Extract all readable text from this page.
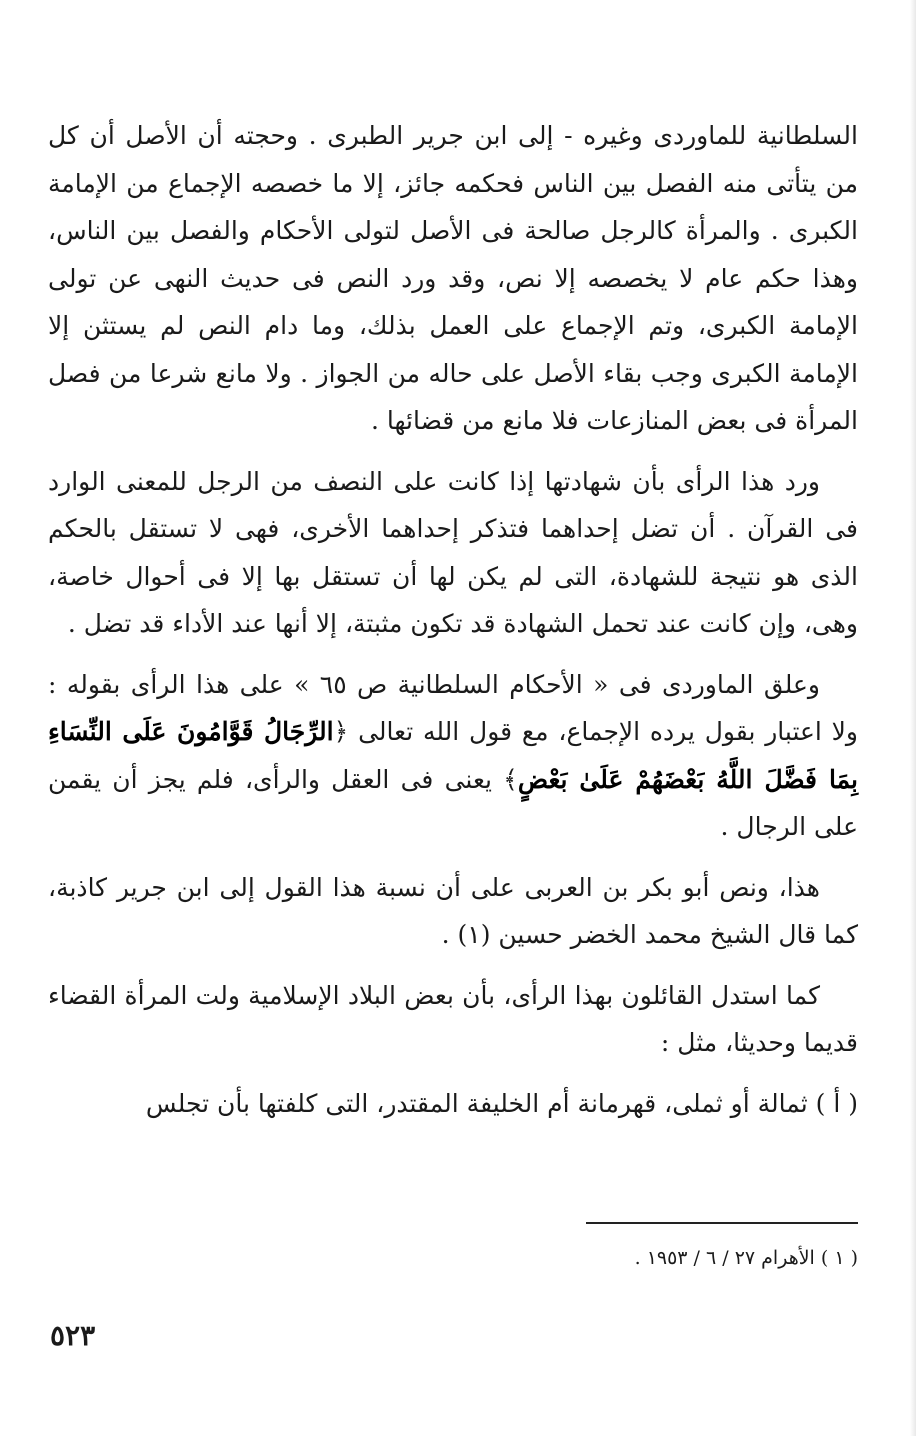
السلطانية للماوردى وغيره - إلى ابن جرير الطبرى . وحجته أن الأصل أن كل من يتأتى منه الفصل بين الناس فحكمه جائز، إلا ما خصصه الإجماع من الإمامة الكبرى . والمرأة كالرجل صالحة فى الأصل لتولى الأحكام والفصل بين الناس، وهذا حكم عام لا يخصصه إلا نص، وقد ورد النص فى حديث النهى عن تولى الإمامة الكبرى، وتم الإجماع على العمل بذلك، وما دام النص لم يستثن إلا الإمامة الكبرى وجب بقاء الأصل على حاله من الجواز . ولا مانع شرعا من فصل المرأة فى بعض المنازعات فلا مانع من قضائها .

ورد هذا الرأى بأن شهادتها إذا كانت على النصف من الرجل للمعنى الوارد فى القرآن . أن تضل إحداهما فتذكر إحداهما الأخرى، فهى لا تستقل بالحكم الذى هو نتيجة للشهادة، التى لم يكن لها أن تستقل بها إلا فى أحوال خاصة، وهى، وإن كانت عند تحمل الشهادة قد تكون مثبتة، إلا أنها عند الأداء قد تضل .

وعلق الماوردى فى « الأحكام السلطانية ص ٦٥ » على هذا الرأى بقوله : ولا اعتبار بقول يرده الإجماع، مع قول الله تعالى ﴿الرِّجَالُ قَوَّامُونَ عَلَى النِّسَاءِ بِمَا فَضَّلَ اللَّهُ بَعْضَهُمْ عَلَىٰ بَعْضٍ﴾ يعنى فى العقل والرأى، فلم يجز أن يقمن على الرجال .

هذا، ونص أبو بكر بن العربى على أن نسبة هذا القول إلى ابن جرير كاذبة، كما قال الشيخ محمد الخضر حسين (١) .

كما استدل القائلون بهذا الرأى، بأن بعض البلاد الإسلامية ولت المرأة القضاء قديما وحديثا، مثل :

( أ ) ثمالة أو ثملى، قهرمانة أم الخليفة المقتدر، التى كلفتها بأن تجلس

( ١ ) الأهرام ٢٧ / ٦ / ١٩٥٣ .
٥٢٣
